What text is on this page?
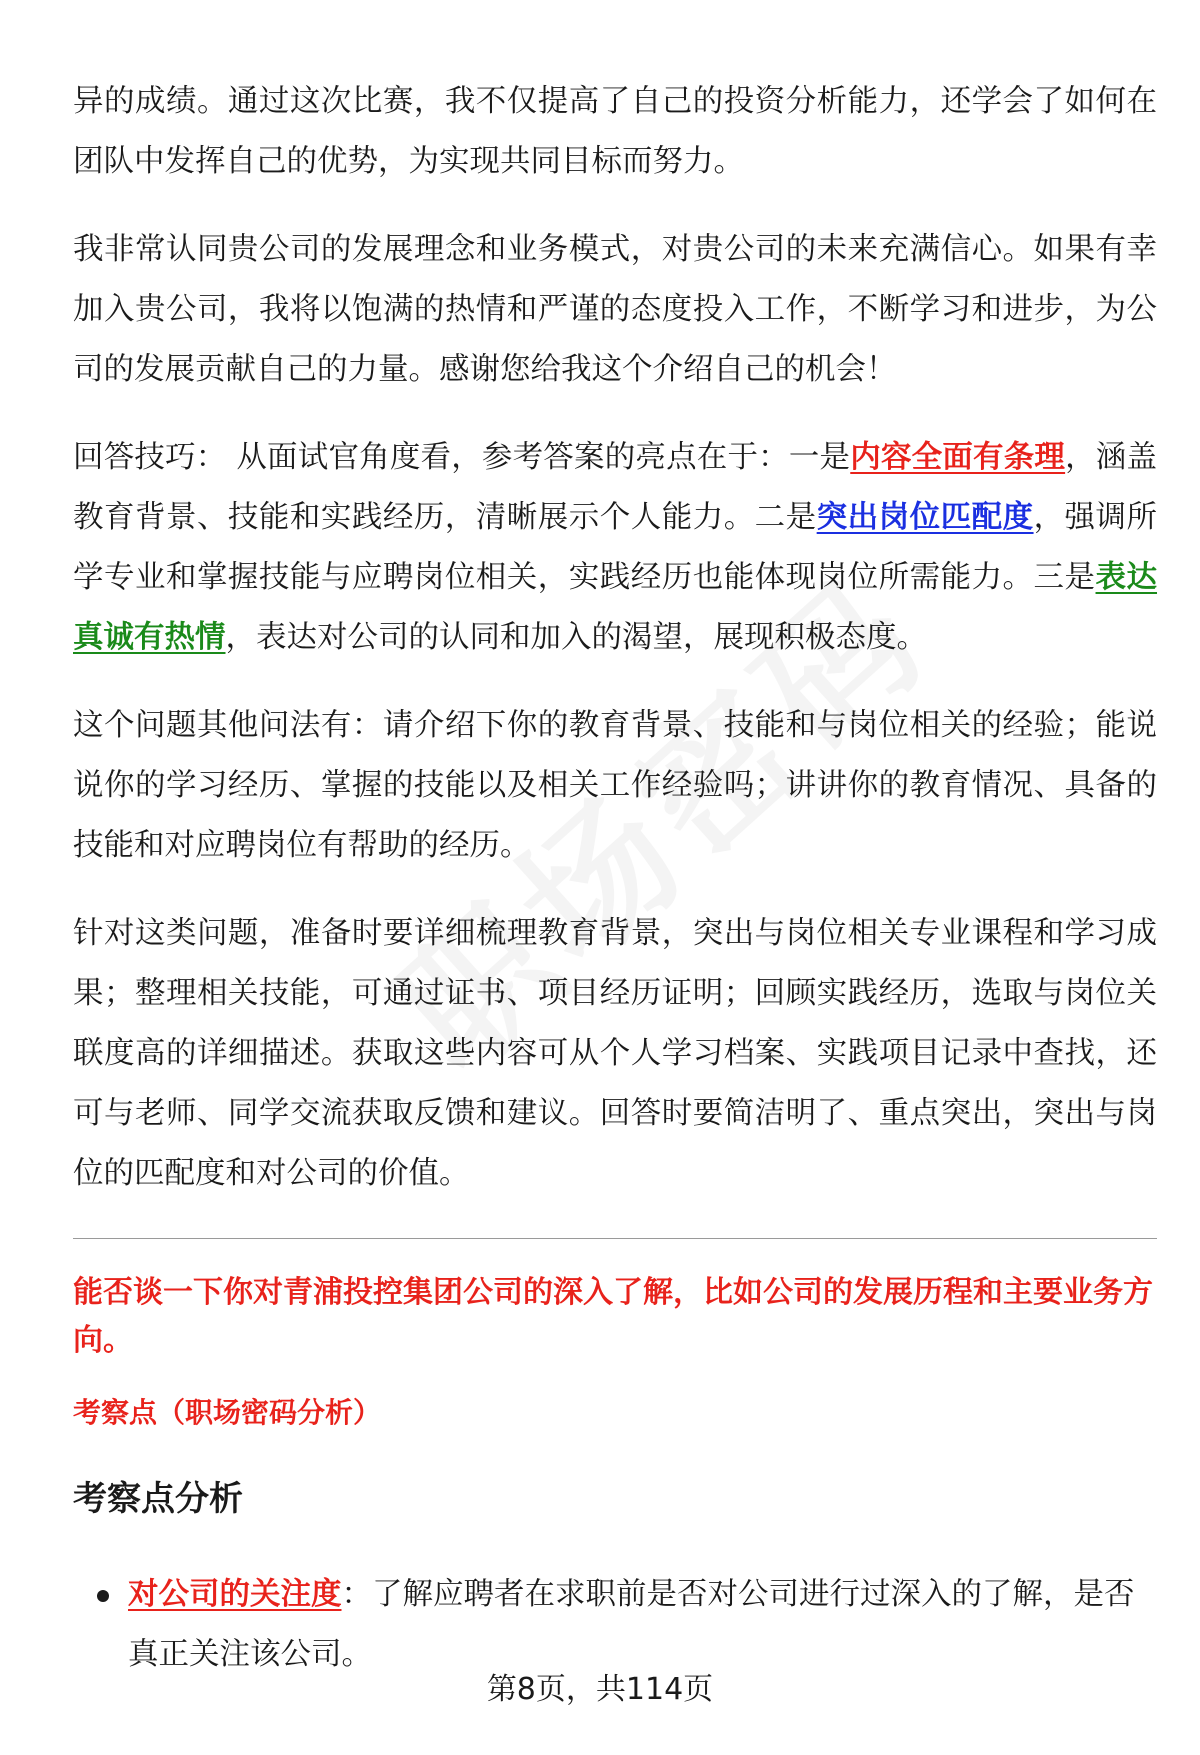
异的成绩。通过这次比赛，我不仅提高了自己的投资分析能力，还学会了如何在团队中发挥自己的优势，为实现共同目标而努力。

我非常认同贵公司的发展理念和业务模式，对贵公司的未来充满信心。如果有幸加入贵公司，我将以饱满的热情和严谨的态度投入工作，不断学习和进步，为公司的发展贡献自己的力量。感谢您给我这个介绍自己的机会！

回答技巧： 从面试官角度看，参考答案的亮点在于：一是内容全面有条理，涵盖教育背景、技能和实践经历，清晰展示个人能力。二是突出岗位匹配度，强调所学专业和掌握技能与应聘岗位相关，实践经历也能体现岗位所需能力。三是表达真诚有热情，表达对公司的认同和加入的渴望，展现积极态度。

这个问题其他问法有：请介绍下你的教育背景、技能和与岗位相关的经验；能说说你的学习经历、掌握的技能以及相关工作经验吗；讲讲你的教育情况、具备的技能和对应聘岗位有帮助的经历。

针对这类问题，准备时要详细梳理教育背景，突出与岗位相关专业课程和学习成果；整理相关技能，可通过证书、项目经历证明；回顾实践经历，选取与岗位关联度高的详细描述。获取这些内容可从个人学习档案、实践项目记录中查找，还可与老师、同学交流获取反馈和建议。回答时要简洁明了、重点突出，突出与岗位的匹配度和对公司的价值。

能否谈一下你对青浦投控集团公司的深入了解，比如公司的发展历程和主要业务方向。
考察点（职场密码分析）
考察点分析
对公司的关注度：了解应聘者在求职前是否对公司进行过深入的了解，是否真正关注该公司。
第8页，共114页
